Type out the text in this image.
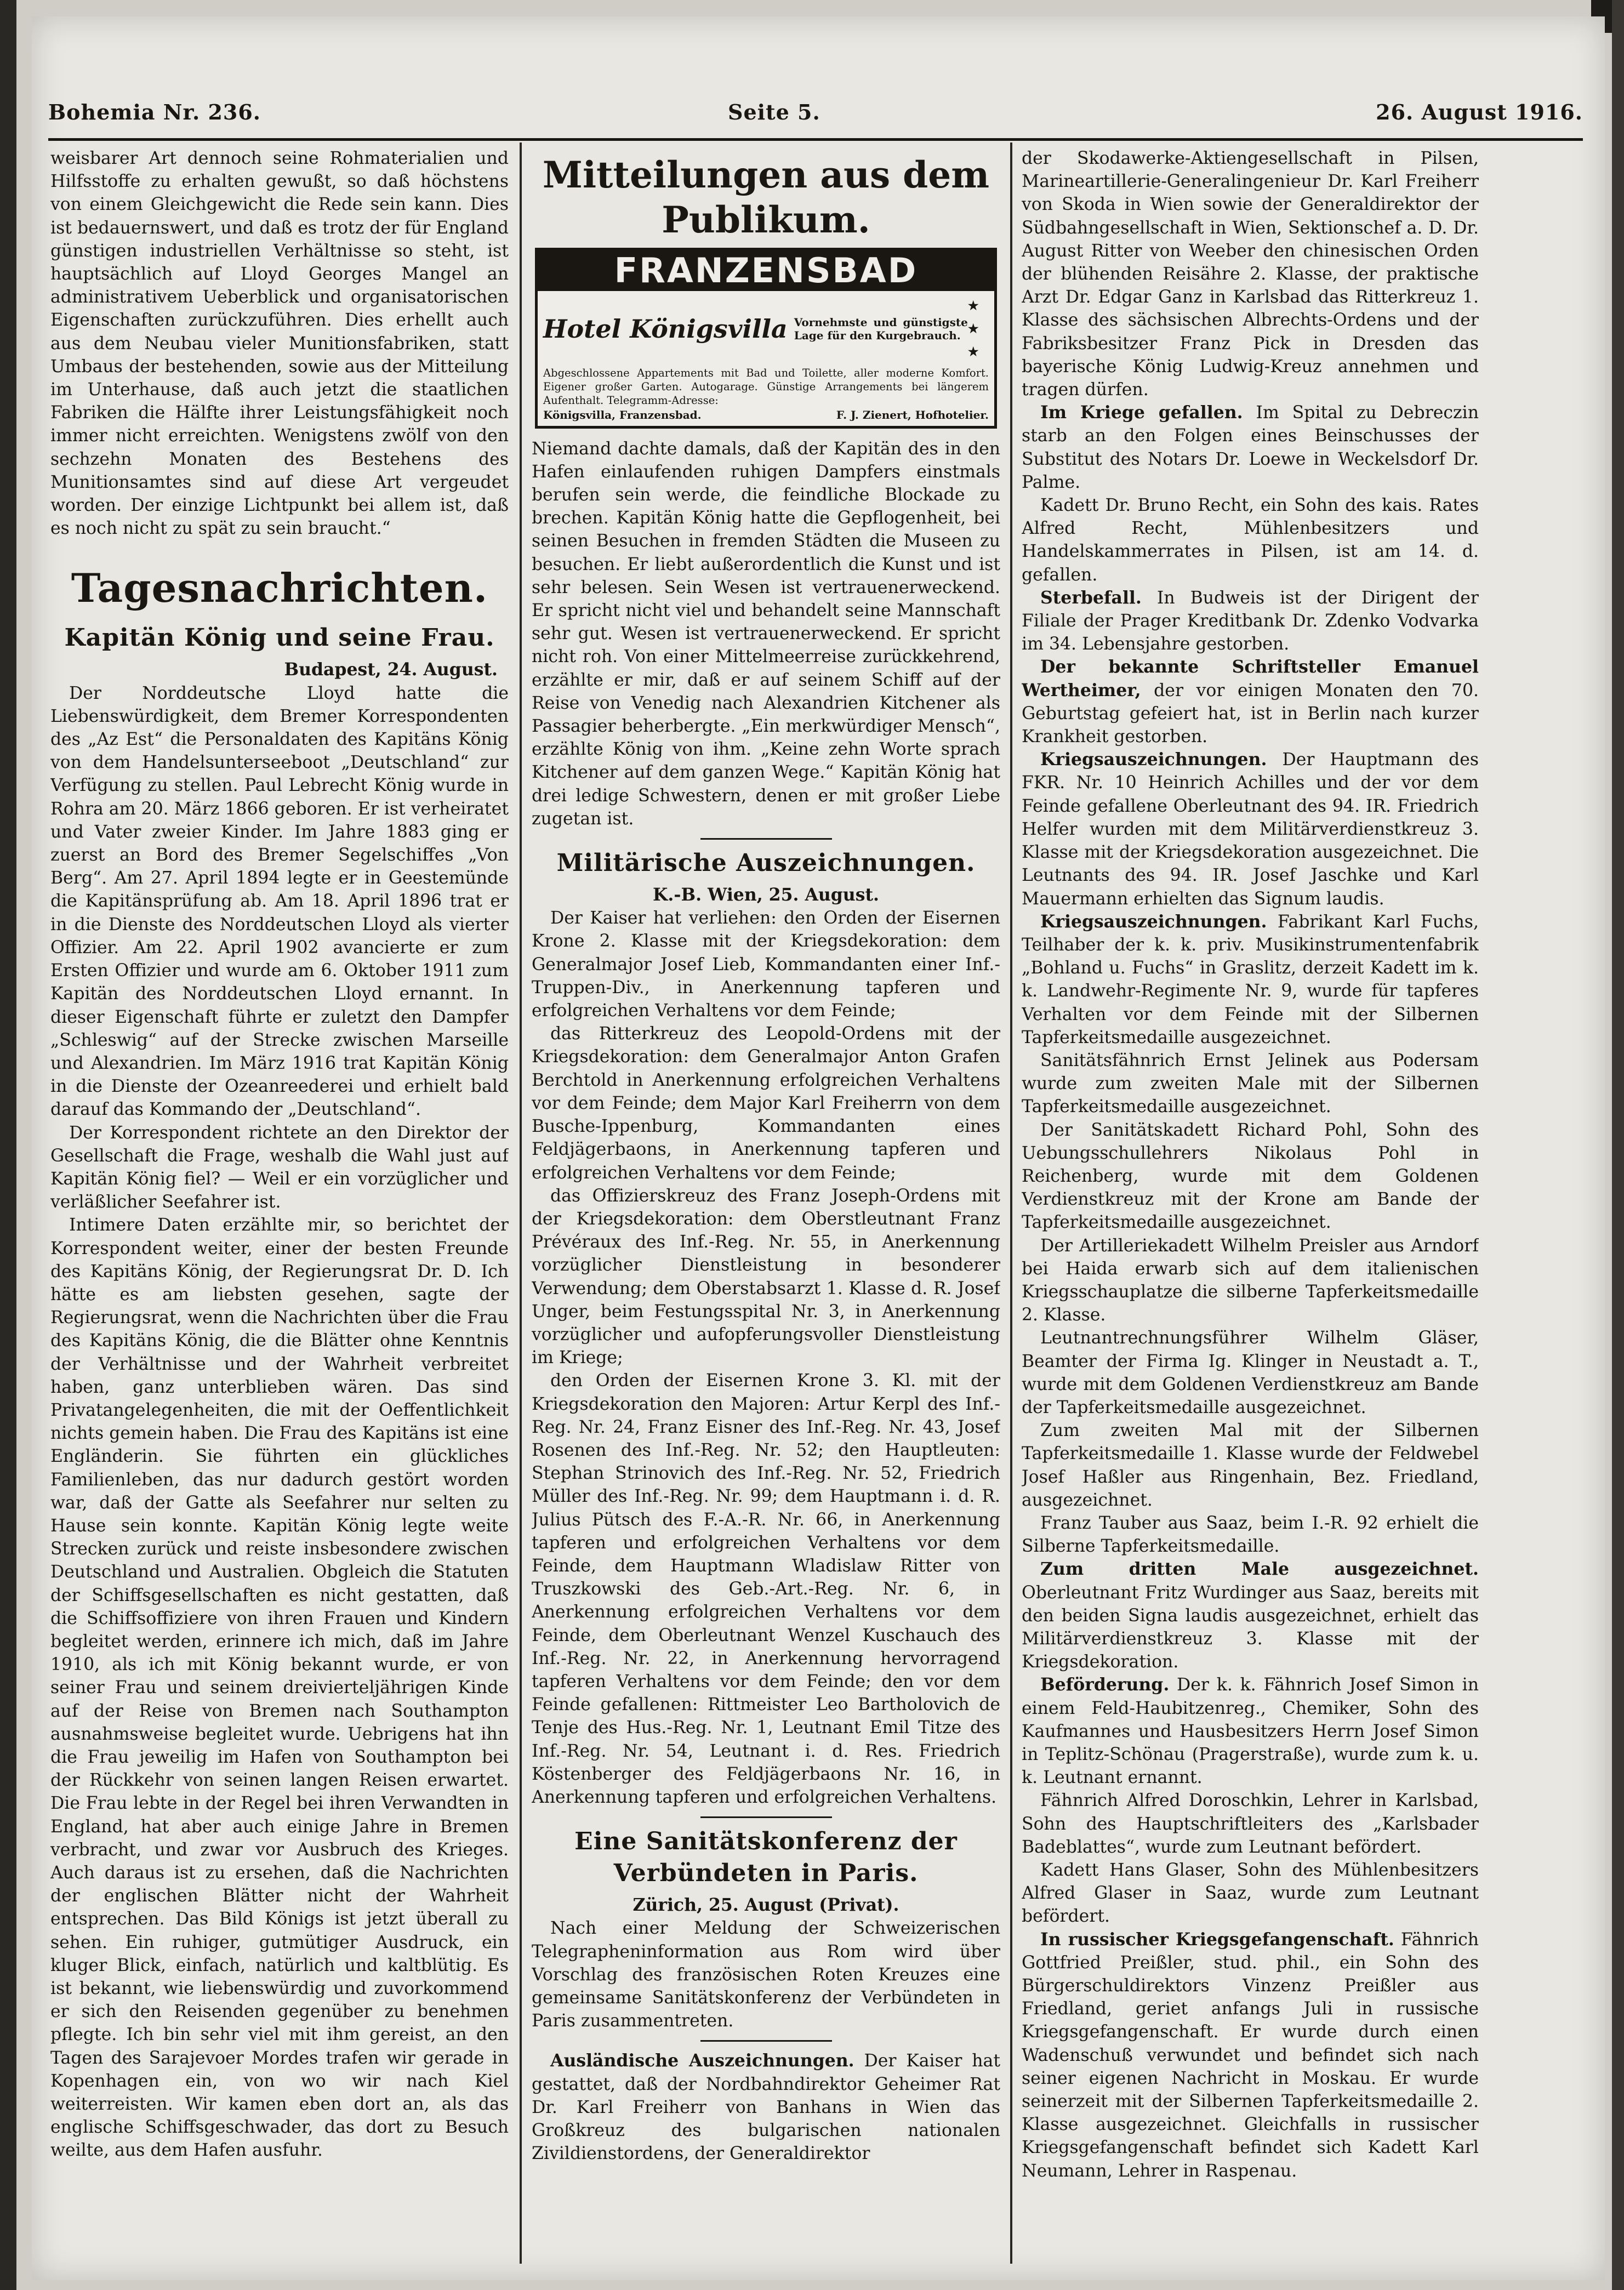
Bohemia Nr. 236.	Seite 5.	26. August 1916.

weisbarer Art dennoch seine Rohmaterialien und Hilfsstoffe zu erhalten gewußt, so daß höchstens von einem Gleichgewicht die Rede sein kann. Dies ist bedauernswert, und daß es trotz der für England günstigen industriellen Verhältnisse so steht, ist hauptsächlich auf Lloyd Georges Mangel an administrativem Ueberblick und organisatorischen Eigenschaften zurückzuführen. Dies erhellt auch aus dem Neubau vieler Munitionsfabriken, statt Umbaus der bestehenden, sowie aus der Mitteilung im Unterhause, daß auch jetzt die staatlichen Fabriken die Hälfte ihrer Leistungsfähigkeit noch immer nicht erreichten. Wenigstens zwölf von den sechzehn Monaten des Bestehens des Munitionsamtes sind auf diese Art vergeudet worden. Der einzige Lichtpunkt bei allem ist, daß es noch nicht zu spät zu sein braucht.“

Tagesnachrichten.
Kapitän König und seine Frau.
Budapest, 24. August.

Der Norddeutsche Lloyd hatte die Liebenswürdigkeit, dem Bremer Korrespondenten des „Az Est“ die Personaldaten des Kapitäns König von dem Handelsunterseeboot „Deutschland“ zur Verfügung zu stellen. Paul Lebrecht König wurde in Rohra am 20. März 1866 geboren. Er ist verheiratet und Vater zweier Kinder. Im Jahre 1883 ging er zuerst an Bord des Bremer Segelschiffes „Von Berg“. Am 27. April 1894 legte er in Geestemünde die Kapitänsprüfung ab. Am 18. April 1896 trat er in die Dienste des Norddeutschen Lloyd als vierter Offizier. Am 22. April 1902 avancierte er zum Ersten Offizier und wurde am 6. Oktober 1911 zum Kapitän des Norddeutschen Lloyd ernannt. In dieser Eigenschaft führte er zuletzt den Dampfer „Schleswig“ auf der Strecke zwischen Marseille und Alexandrien. Im März 1916 trat Kapitän König in die Dienste der Ozeanreederei und erhielt bald darauf das Kommando der „Deutschland“.

Der Korrespondent richtete an den Direktor der Gesellschaft die Frage, weshalb die Wahl just auf Kapitän König fiel? — Weil er ein vorzüglicher und verläßlicher Seefahrer ist.

Intimere Daten erzählte mir, so berichtet der Korrespondent weiter, einer der besten Freunde des Kapitäns König, der Regierungsrat Dr. D. Ich hätte es am liebsten gesehen, sagte der Regierungsrat, wenn die Nachrichten über die Frau des Kapitäns König, die die Blätter ohne Kenntnis der Verhältnisse und der Wahrheit verbreitet haben, ganz unterblieben wären. Das sind Privatangelegenheiten, die mit der Oeffentlichkeit nichts gemein haben. Die Frau des Kapitäns ist eine Engländerin. Sie führten ein glückliches Familienleben, das nur dadurch gestört worden war, daß der Gatte als Seefahrer nur selten zu Hause sein konnte. Kapitän König legte weite Strecken zurück und reiste insbesondere zwischen Deutschland und Australien. Obgleich die Statuten der Schiffsgesellschaften es nicht gestatten, daß die Schiffsoffiziere von ihren Frauen und Kindern begleitet werden, erinnere ich mich, daß im Jahre 1910, als ich mit König bekannt wurde, er von seiner Frau und seinem dreivierteljährigen Kinde auf der Reise von Bremen nach Southampton ausnahmsweise begleitet wurde. Uebrigens hat ihn die Frau jeweilig im Hafen von Southampton bei der Rückkehr von seinen langen Reisen erwartet. Die Frau lebte in der Regel bei ihren Verwandten in England, hat aber auch einige Jahre in Bremen verbracht, und zwar vor Ausbruch des Krieges. Auch daraus ist zu ersehen, daß die Nachrichten der englischen Blätter nicht der Wahrheit entsprechen. Das Bild Königs ist jetzt überall zu sehen. Ein ruhiger, gutmütiger Ausdruck, ein kluger Blick, einfach, natürlich und kaltblütig. Es ist bekannt, wie liebenswürdig und zuvorkommend er sich den Reisenden gegenüber zu benehmen pflegte. Ich bin sehr viel mit ihm gereist, an den Tagen des Sarajevoer Mordes trafen wir gerade in Kopenhagen ein, von wo wir nach Kiel weiterreisten. Wir kamen eben dort an, als das englische Schiffsgeschwader, das dort zu Besuch weilte, aus dem Hafen ausfuhr.

Mitteilungen aus dem Publikum.
FRANZENSBAD
Hotel Königsvilla Vornehmste und günstigste Lage für den Kurgebrauch.
★ ★ ★
Abgeschlossene Appartements mit Bad und Toilette, aller moderne Komfort. Eigener großer Garten. Autogarage. Günstige Arrangements bei längerem Aufenthalt. Telegramm-Adresse:
Königsvilla, Franzensbad.	F. J. Zienert, Hofhotelier.

Niemand dachte damals, daß der Kapitän des in den Hafen einlaufenden ruhigen Dampfers einstmals berufen sein werde, die feindliche Blockade zu brechen. Kapitän König hatte die Gepflogenheit, bei seinen Besuchen in fremden Städten die Museen zu besuchen. Er liebt außerordentlich die Kunst und ist sehr belesen. Sein Wesen ist vertrauenerweckend. Er spricht nicht viel und behandelt seine Mannschaft sehr gut. Wesen ist vertrauenerweckend. Er spricht nicht roh. Von einer Mittelmeerreise zurückkehrend, erzählte er mir, daß er auf seinem Schiff auf der Reise von Venedig nach Alexandrien Kitchener als Passagier beherbergte. „Ein merkwürdiger Mensch“, erzählte König von ihm. „Keine zehn Worte sprach Kitchener auf dem ganzen Wege.“ Kapitän König hat drei ledige Schwestern, denen er mit großer Liebe zugetan ist.

Militärische Auszeichnungen.
K.-B. Wien, 25. August.

Der Kaiser hat verliehen: den Orden der Eisernen Krone 2. Klasse mit der Kriegsdekoration: dem Generalmajor Josef Lieb, Kommandanten einer Inf.-Truppen-Div., in Anerkennung tapferen und erfolgreichen Verhaltens vor dem Feinde;

das Ritterkreuz des Leopold-Ordens mit der Kriegsdekoration: dem Generalmajor Anton Grafen Berchtold in Anerkennung erfolgreichen Verhaltens vor dem Feinde; dem Major Karl Freiherrn von dem Busche-Ippenburg, Kommandanten eines Feldjägerbaons, in Anerkennung tapferen und erfolgreichen Verhaltens vor dem Feinde;

das Offizierskreuz des Franz Joseph-Ordens mit der Kriegsdekoration: dem Oberstleutnant Franz Prévéraux des Inf.-Reg. Nr. 55, in Anerkennung vorzüglicher Dienstleistung in besonderer Verwendung; dem Oberstabsarzt 1. Klasse d. R. Josef Unger, beim Festungsspital Nr. 3, in Anerkennung vorzüglicher und aufopferungsvoller Dienstleistung im Kriege;

den Orden der Eisernen Krone 3. Kl. mit der Kriegsdekoration den Majoren: Artur Kerpl des Inf.-Reg. Nr. 24, Franz Eisner des Inf.-Reg. Nr. 43, Josef Rosenen des Inf.-Reg. Nr. 52; den Hauptleuten: Stephan Strinovich des Inf.-Reg. Nr. 52, Friedrich Müller des Inf.-Reg. Nr. 99; dem Hauptmann i. d. R. Julius Pütsch des F.-A.-R. Nr. 66, in Anerkennung tapferen und erfolgreichen Verhaltens vor dem Feinde, dem Hauptmann Wladislaw Ritter von Truszkowski des Geb.-Art.-Reg. Nr. 6, in Anerkennung erfolgreichen Verhaltens vor dem Feinde, dem Oberleutnant Wenzel Kuschauch des Inf.-Reg. Nr. 22, in Anerkennung hervorragend tapferen Verhaltens vor dem Feinde; den vor dem Feinde gefallenen: Rittmeister Leo Bartholovich de Tenje des Hus.-Reg. Nr. 1, Leutnant Emil Titze des Inf.-Reg. Nr. 54, Leutnant i. d. Res. Friedrich Köstenberger des Feldjägerbaons Nr. 16, in Anerkennung tapferen und erfolgreichen Verhaltens.

Eine Sanitätskonferenz der Verbündeten in Paris.
Zürich, 25. August (Privat).

Nach einer Meldung der Schweizerischen Telegrapheninformation aus Rom wird über Vorschlag des französischen Roten Kreuzes eine gemeinsame Sanitätskonferenz der Verbündeten in Paris zusammentreten.

Ausländische Auszeichnungen. Der Kaiser hat gestattet, daß der Nordbahndirektor Geheimer Rat Dr. Karl Freiherr von Banhans in Wien das Großkreuz des bulgarischen nationalen Zivildienstordens, der Generaldirektor

der Skodawerke-Aktiengesellschaft in Pilsen, Marineartillerie-Generalingenieur Dr. Karl Freiherr von Skoda in Wien sowie der Generaldirektor der Südbahngesellschaft in Wien, Sektionschef a. D. Dr. August Ritter von Weeber den chinesischen Orden der blühenden Reisähre 2. Klasse, der praktische Arzt Dr. Edgar Ganz in Karlsbad das Ritterkreuz 1. Klasse des sächsischen Albrechts-Ordens und der Fabriksbesitzer Franz Pick in Dresden das bayerische König Ludwig-Kreuz annehmen und tragen dürfen.

Im Kriege gefallen. Im Spital zu Debreczin starb an den Folgen eines Beinschusses der Substitut des Notars Dr. Loewe in Weckelsdorf Dr. Palme.

Kadett Dr. Bruno Recht, ein Sohn des kais. Rates Alfred Recht, Mühlenbesitzers und Handelskammerrates in Pilsen, ist am 14. d. gefallen.

Sterbefall. In Budweis ist der Dirigent der Filiale der Prager Kreditbank Dr. Zdenko Vodvarka im 34. Lebensjahre gestorben.

Der bekannte Schriftsteller Emanuel Wertheimer, der vor einigen Monaten den 70. Geburtstag gefeiert hat, ist in Berlin nach kurzer Krankheit gestorben.

Kriegsauszeichnungen. Der Hauptmann des FKR. Nr. 10 Heinrich Achilles und der vor dem Feinde gefallene Oberleutnant des 94. IR. Friedrich Helfer wurden mit dem Militärverdienstkreuz 3. Klasse mit der Kriegsdekoration ausgezeichnet. Die Leutnants des 94. IR. Josef Jaschke und Karl Mauermann erhielten das Signum laudis.

Kriegsauszeichnungen. Fabrikant Karl Fuchs, Teilhaber der k. k. priv. Musikinstrumentenfabrik „Bohland u. Fuchs“ in Graslitz, derzeit Kadett im k. k. Landwehr-Regimente Nr. 9, wurde für tapferes Verhalten vor dem Feinde mit der Silbernen Tapferkeitsmedaille ausgezeichnet.

Sanitätsfähnrich Ernst Jelinek aus Podersam wurde zum zweiten Male mit der Silbernen Tapferkeitsmedaille ausgezeichnet.

Der Sanitätskadett Richard Pohl, Sohn des Uebungsschullehrers Nikolaus Pohl in Reichenberg, wurde mit dem Goldenen Verdienstkreuz mit der Krone am Bande der Tapferkeitsmedaille ausgezeichnet.

Der Artilleriekadett Wilhelm Preisler aus Arndorf bei Haida erwarb sich auf dem italienischen Kriegsschauplatze die silberne Tapferkeitsmedaille 2. Klasse.

Leutnantrechnungsführer Wilhelm Gläser, Beamter der Firma Ig. Klinger in Neustadt a. T., wurde mit dem Goldenen Verdienstkreuz am Bande der Tapferkeitsmedaille ausgezeichnet.

Zum zweiten Mal mit der Silbernen Tapferkeitsmedaille 1. Klasse wurde der Feldwebel Josef Haßler aus Ringenhain, Bez. Friedland, ausgezeichnet.

Franz Tauber aus Saaz, beim I.-R. 92 erhielt die Silberne Tapferkeitsmedaille.

Zum dritten Male ausgezeichnet. Oberleutnant Fritz Wurdinger aus Saaz, bereits mit den beiden Signa laudis ausgezeichnet, erhielt das Militärverdienstkreuz 3. Klasse mit der Kriegsdekoration.

Beförderung. Der k. k. Fähnrich Josef Simon in einem Feld-Haubitzenreg., Chemiker, Sohn des Kaufmannes und Hausbesitzers Herrn Josef Simon in Teplitz-Schönau (Pragerstraße), wurde zum k. u. k. Leutnant ernannt.

Fähnrich Alfred Doroschkin, Lehrer in Karlsbad, Sohn des Hauptschriftleiters des „Karlsbader Badeblattes“, wurde zum Leutnant befördert.

Kadett Hans Glaser, Sohn des Mühlenbesitzers Alfred Glaser in Saaz, wurde zum Leutnant befördert.

In russischer Kriegsgefangenschaft. Fähnrich Gottfried Preißler, stud. phil., ein Sohn des Bürgerschuldirektors Vinzenz Preißler aus Friedland, geriet anfangs Juli in russische Kriegsgefangenschaft. Er wurde durch einen Wadenschuß verwundet und befindet sich nach seiner eigenen Nachricht in Moskau. Er wurde seinerzeit mit der Silbernen Tapferkeitsmedaille 2. Klasse ausgezeichnet. Gleichfalls in russischer Kriegsgefangenschaft befindet sich Kadett Karl Neumann, Lehrer in Raspenau.
